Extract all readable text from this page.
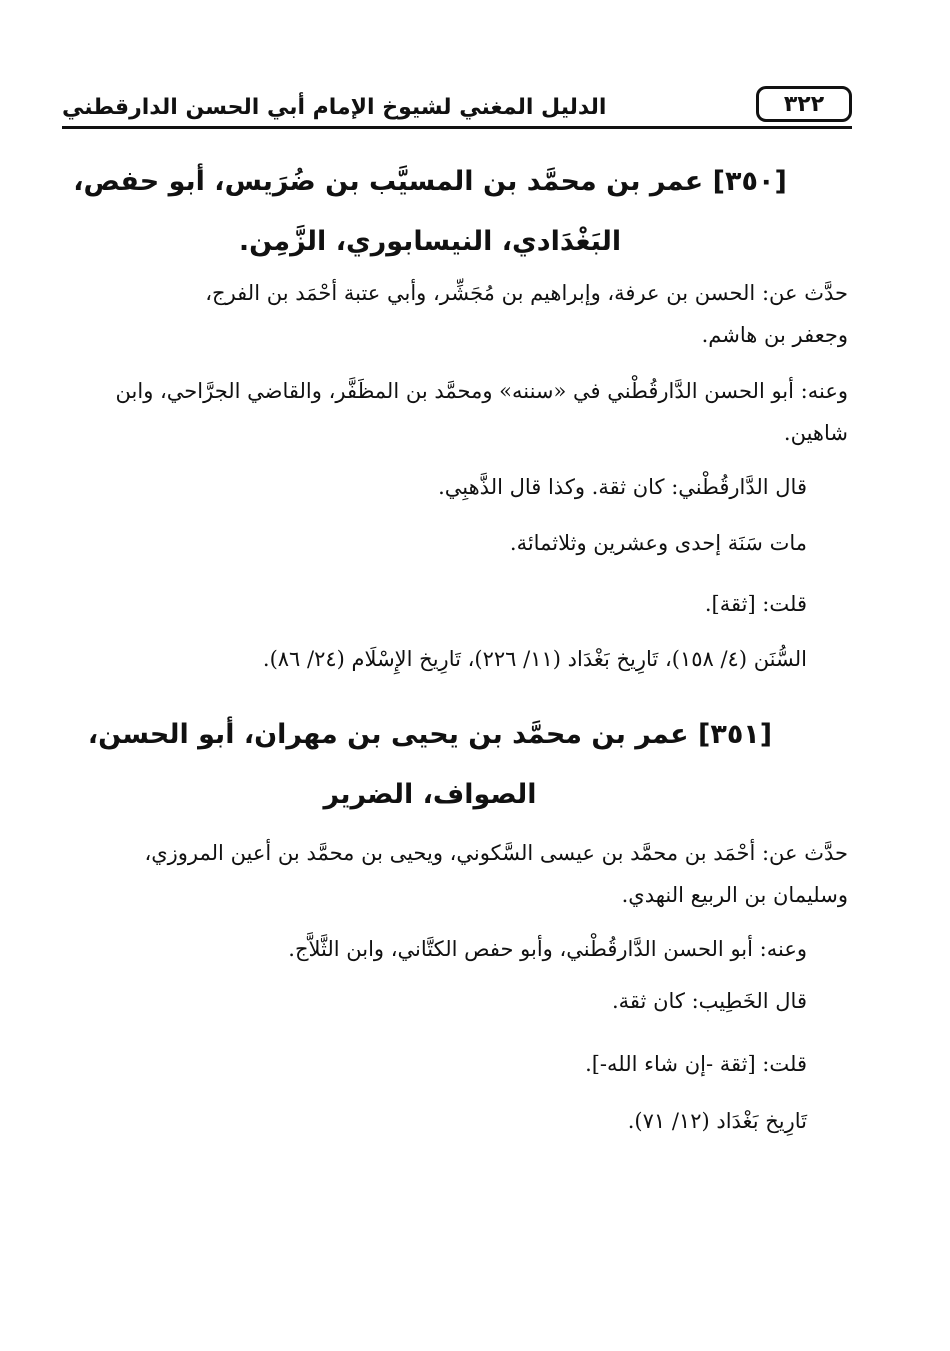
٣٢٢
الدليل المغني لشيوخ الإمام أبي الحسن الدارقطني
[٣٥٠] عمر بن محمَّد بن المسيَّب بن ضُرَيس، أبو حفص،
البَغْدَادي، النيسابوري، الزَّمِن.
حدَّث عن: الحسن بن عرفة، وإبراهيم بن مُجَشِّر، وأبي عتبة أحْمَد بن الفرج،
وجعفر بن هاشم.
وعنه: أبو الحسن الدَّارقُطْني في «سننه» ومحمَّد بن المظَفَّر، والقاضي الجرَّاحي، وابن
شاهين.
قال الدَّارقُطْني: كان ثقة. وكذا قال الذَّهبِي.
مات سَنَة إحدى وعشرين وثلاثمائة.
قلت: [ثقة].
السُّنَن (٤/ ١٥٨)، تَارِيخ بَغْدَاد (١١/ ٢٢٦)، تَارِيخ الإِسْلَام (٢٤/ ٨٦).
[٣٥١] عمر بن محمَّد بن يحيى بن مهران، أبو الحسن،
الصواف، الضرير
حدَّث عن: أحْمَد بن محمَّد بن عيسى السَّكوني، ويحيى بن محمَّد بن أعين المروزي،
وسليمان بن الربيع النهدي.
وعنه: أبو الحسن الدَّارقُطْني، وأبو حفص الكتَّاني، وابن الثَّلاَّج.
قال الخَطِيب: كان ثقة.
قلت: [ثقة -إن شاء الله-].
تَارِيخ بَغْدَاد (١٢/ ٧١).
